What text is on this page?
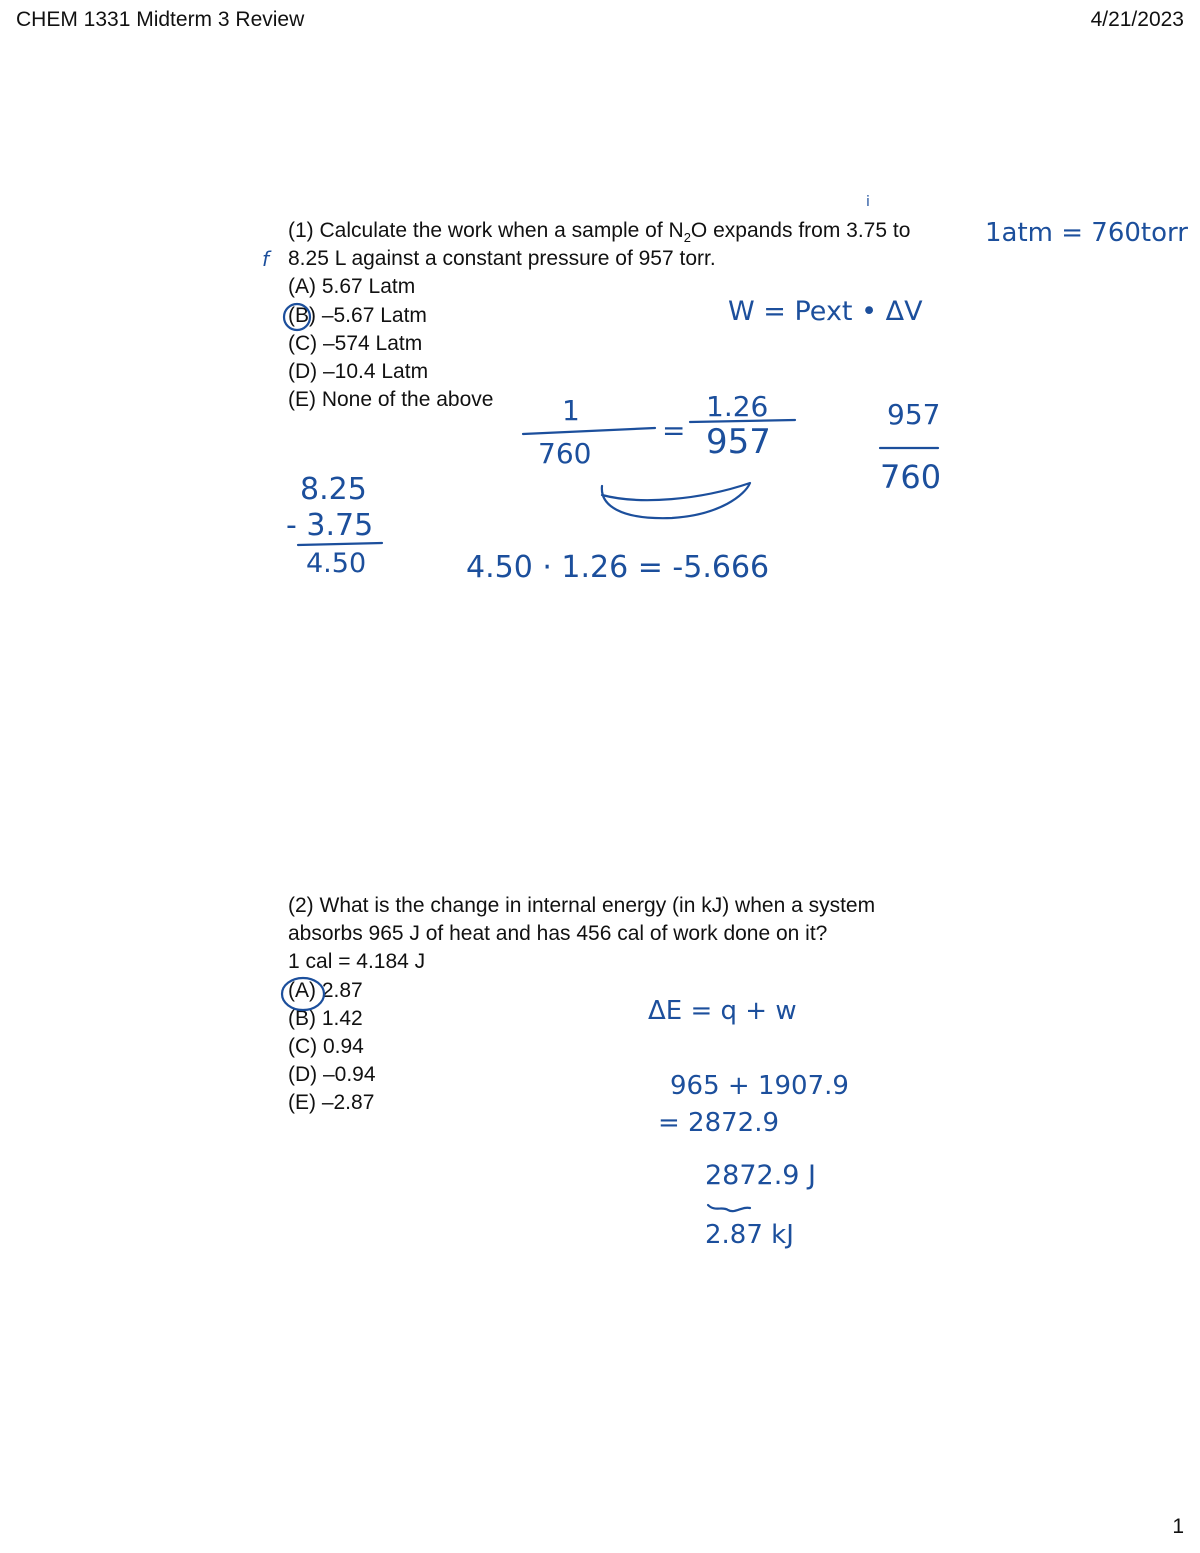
CHEM 1331 Midterm 3 Review	4/21/2023
(1) Calculate the work when a sample of $N_2O$ expands from 3.75 to
8.25 L against a constant pressure of 957 torr.
(A) 5.67 Latm
(B) –5.67 Latm
(C) –574 Latm
(D) –10.4 Latm
(E) None of the above
(2) What is the change in internal energy (in kJ) when a system
absorbs 965 J of heat and has 456 cal of work done on it?
1 cal = 4.184 J
(A) 2.87
(B) 1.42
(C) 0.94
(D) –0.94
(E) –2.87
i
f
1atm = 760torr
W = Pext • ΔV
1
760
=
1.26
957
957
760
8.25
- 3.75
4.50	4.50 · 1.26 = -5.666
ΔE = q + w
965 + 1907.9
= 2872.9
2872.9 J
2.87 kJ
1
